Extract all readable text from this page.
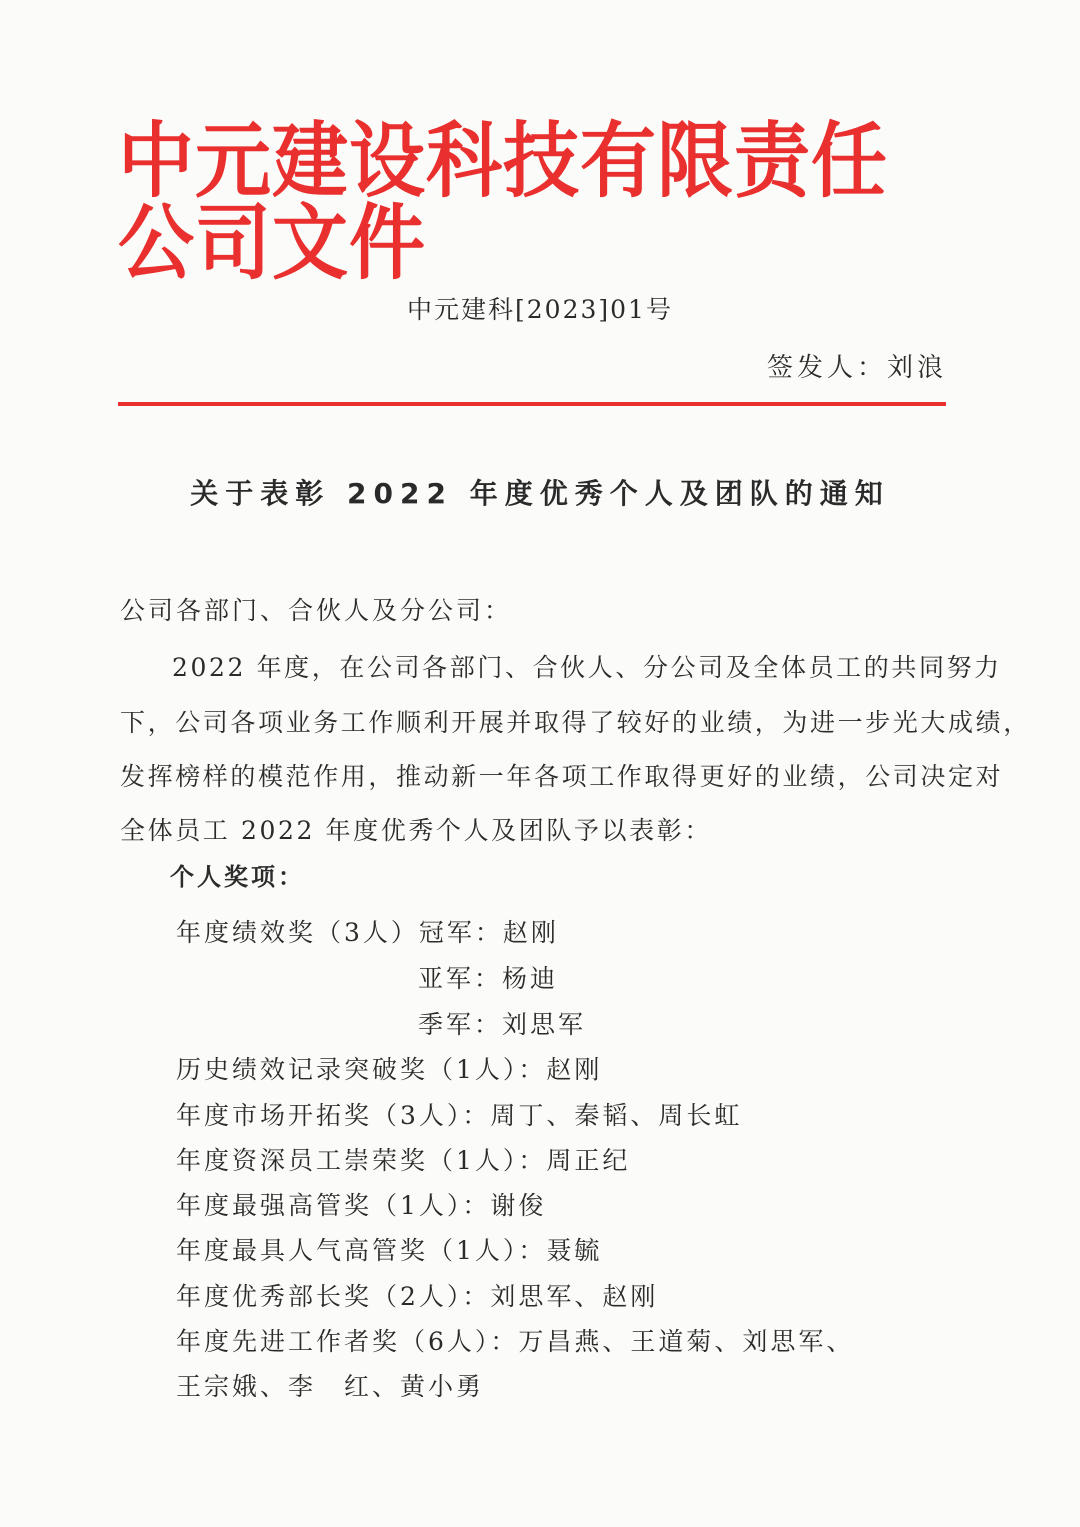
中元建设科技有限责任公司文件
中元建科[2023]01号
签发人：刘浪
关于表彰 2022 年度优秀个人及团队的通知
公司各部门、合伙人及分公司：
2022 年度，在公司各部门、合伙人、分公司及全体员工的共同努力
下，公司各项业务工作顺利开展并取得了较好的业绩，为进一步光大成绩，
发挥榜样的模范作用，推动新一年各项工作取得更好的业绩，公司决定对
全体员工 2022 年度优秀个人及团队予以表彰：
个人奖项：
年度绩效奖（3人）冠军：赵刚
亚军：杨迪
季军：刘思军
历史绩效记录突破奖（1人）：赵刚
年度市场开拓奖（3人）：周丁、秦韬、周长虹
年度资深员工崇荣奖（1人）：周正纪
年度最强高管奖（1人）：谢俊
年度最具人气高管奖（1人）：聂毓
年度优秀部长奖（2人）：刘思军、赵刚
年度先进工作者奖（6人）：万昌燕、王道菊、刘思军、
王宗娥、李　红、黄小勇
